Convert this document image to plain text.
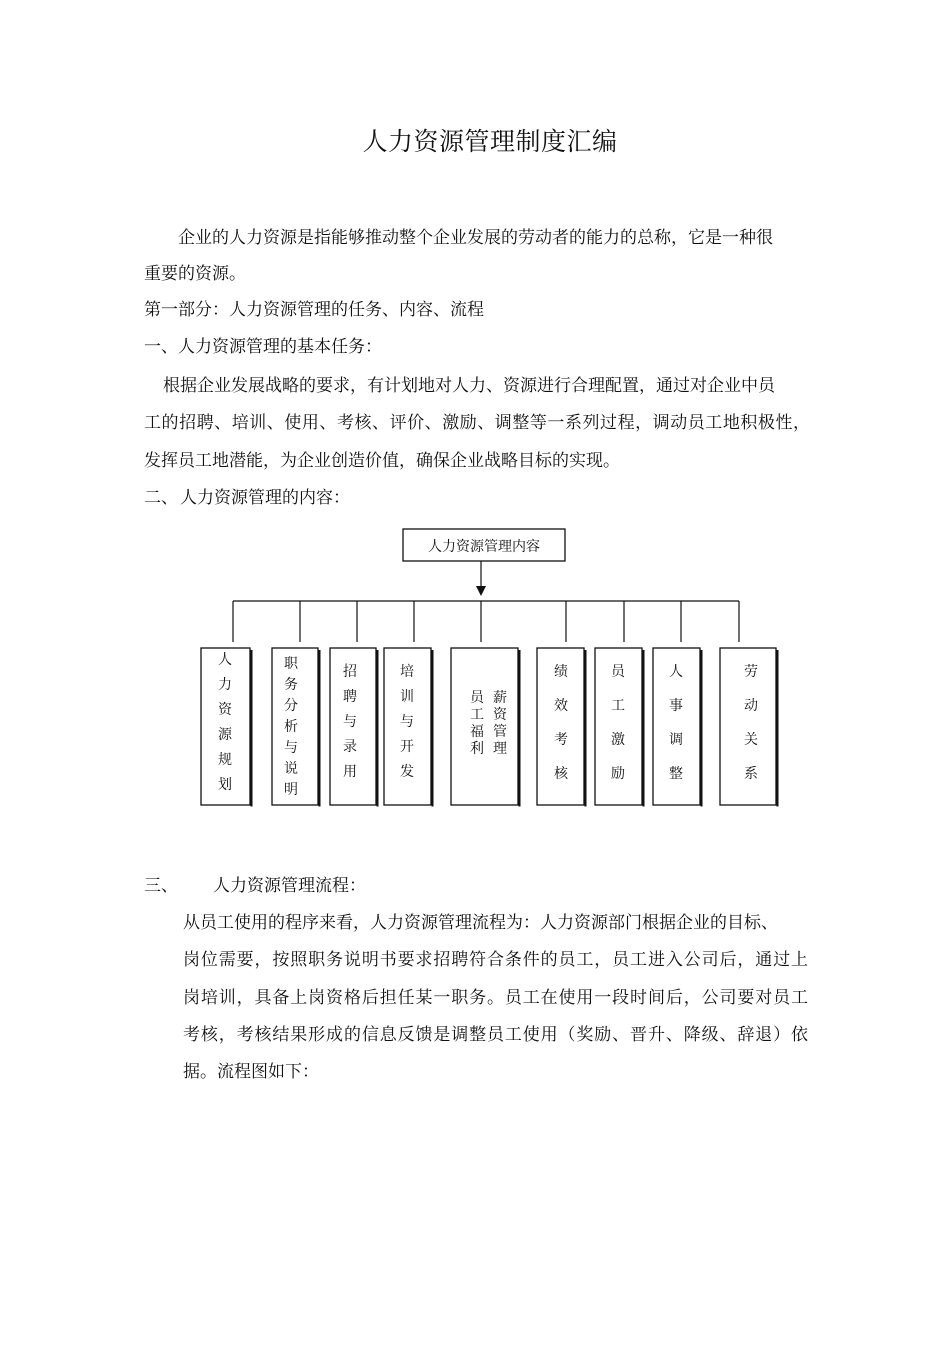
人力资源管理制度汇编
企业的人力资源是指能够推动整个企业发展的劳动者的能力的总称，它是一种很
重要的资源。
第一部分：人力资源管理的任务、内容、流程
一、人力资源管理的基本任务：
根据企业发展战略的要求，有计划地对人力、资源进行合理配置，通过对企业中员
工的招聘、培训、使用、考核、评价、激励、调整等一系列过程，调动员工地积极性，
发挥员工地潜能，为企业创造价值，确保企业战略目标的实现。
二、 人力资源管理的内容：
人力资源管理内容
人
力
资
源
规
划
职
务
分
析
与
说
明
招
聘
与
录
用
培
训
与
开
发
员
工
福
利
薪
资
管
理
绩
效
考
核
员
工
激
励
人
事
调
整
劳
动
关
系
三、 人力资源管理流程：
从员工使用的程序来看，人力资源管理流程为：人力资源部门根据企业的目标、
岗位需要，按照职务说明书要求招聘符合条件的员工，员工进入公司后，通过上
岗培训，具备上岗资格后担任某一职务。员工在使用一段时间后，公司要对员工
考核，考核结果形成的信息反馈是调整员工使用（奖励、晋升、降级、辞退）依
据。流程图如下：
